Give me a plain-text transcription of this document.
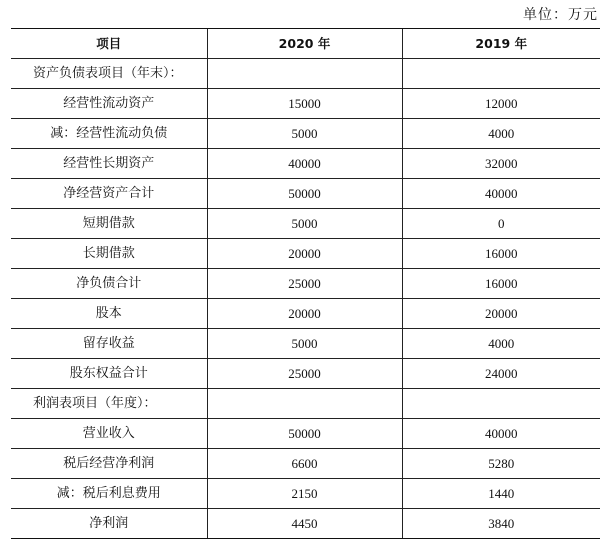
单位：万元
项目	2020 年	2019 年
资产负债表项目（年末）：		
经营性流动资产	15000	12000
减：经营性流动负债	5000	4000
经营性长期资产	40000	32000
净经营资产合计	50000	40000
短期借款	5000	0
长期借款	20000	16000
净负债合计	25000	16000
股本	20000	20000
留存收益	5000	4000
股东权益合计	25000	24000
利润表项目（年度）：		
营业收入	50000	40000
税后经营净利润	6600	5280
减：税后利息费用	2150	1440
净利润	4450	3840
